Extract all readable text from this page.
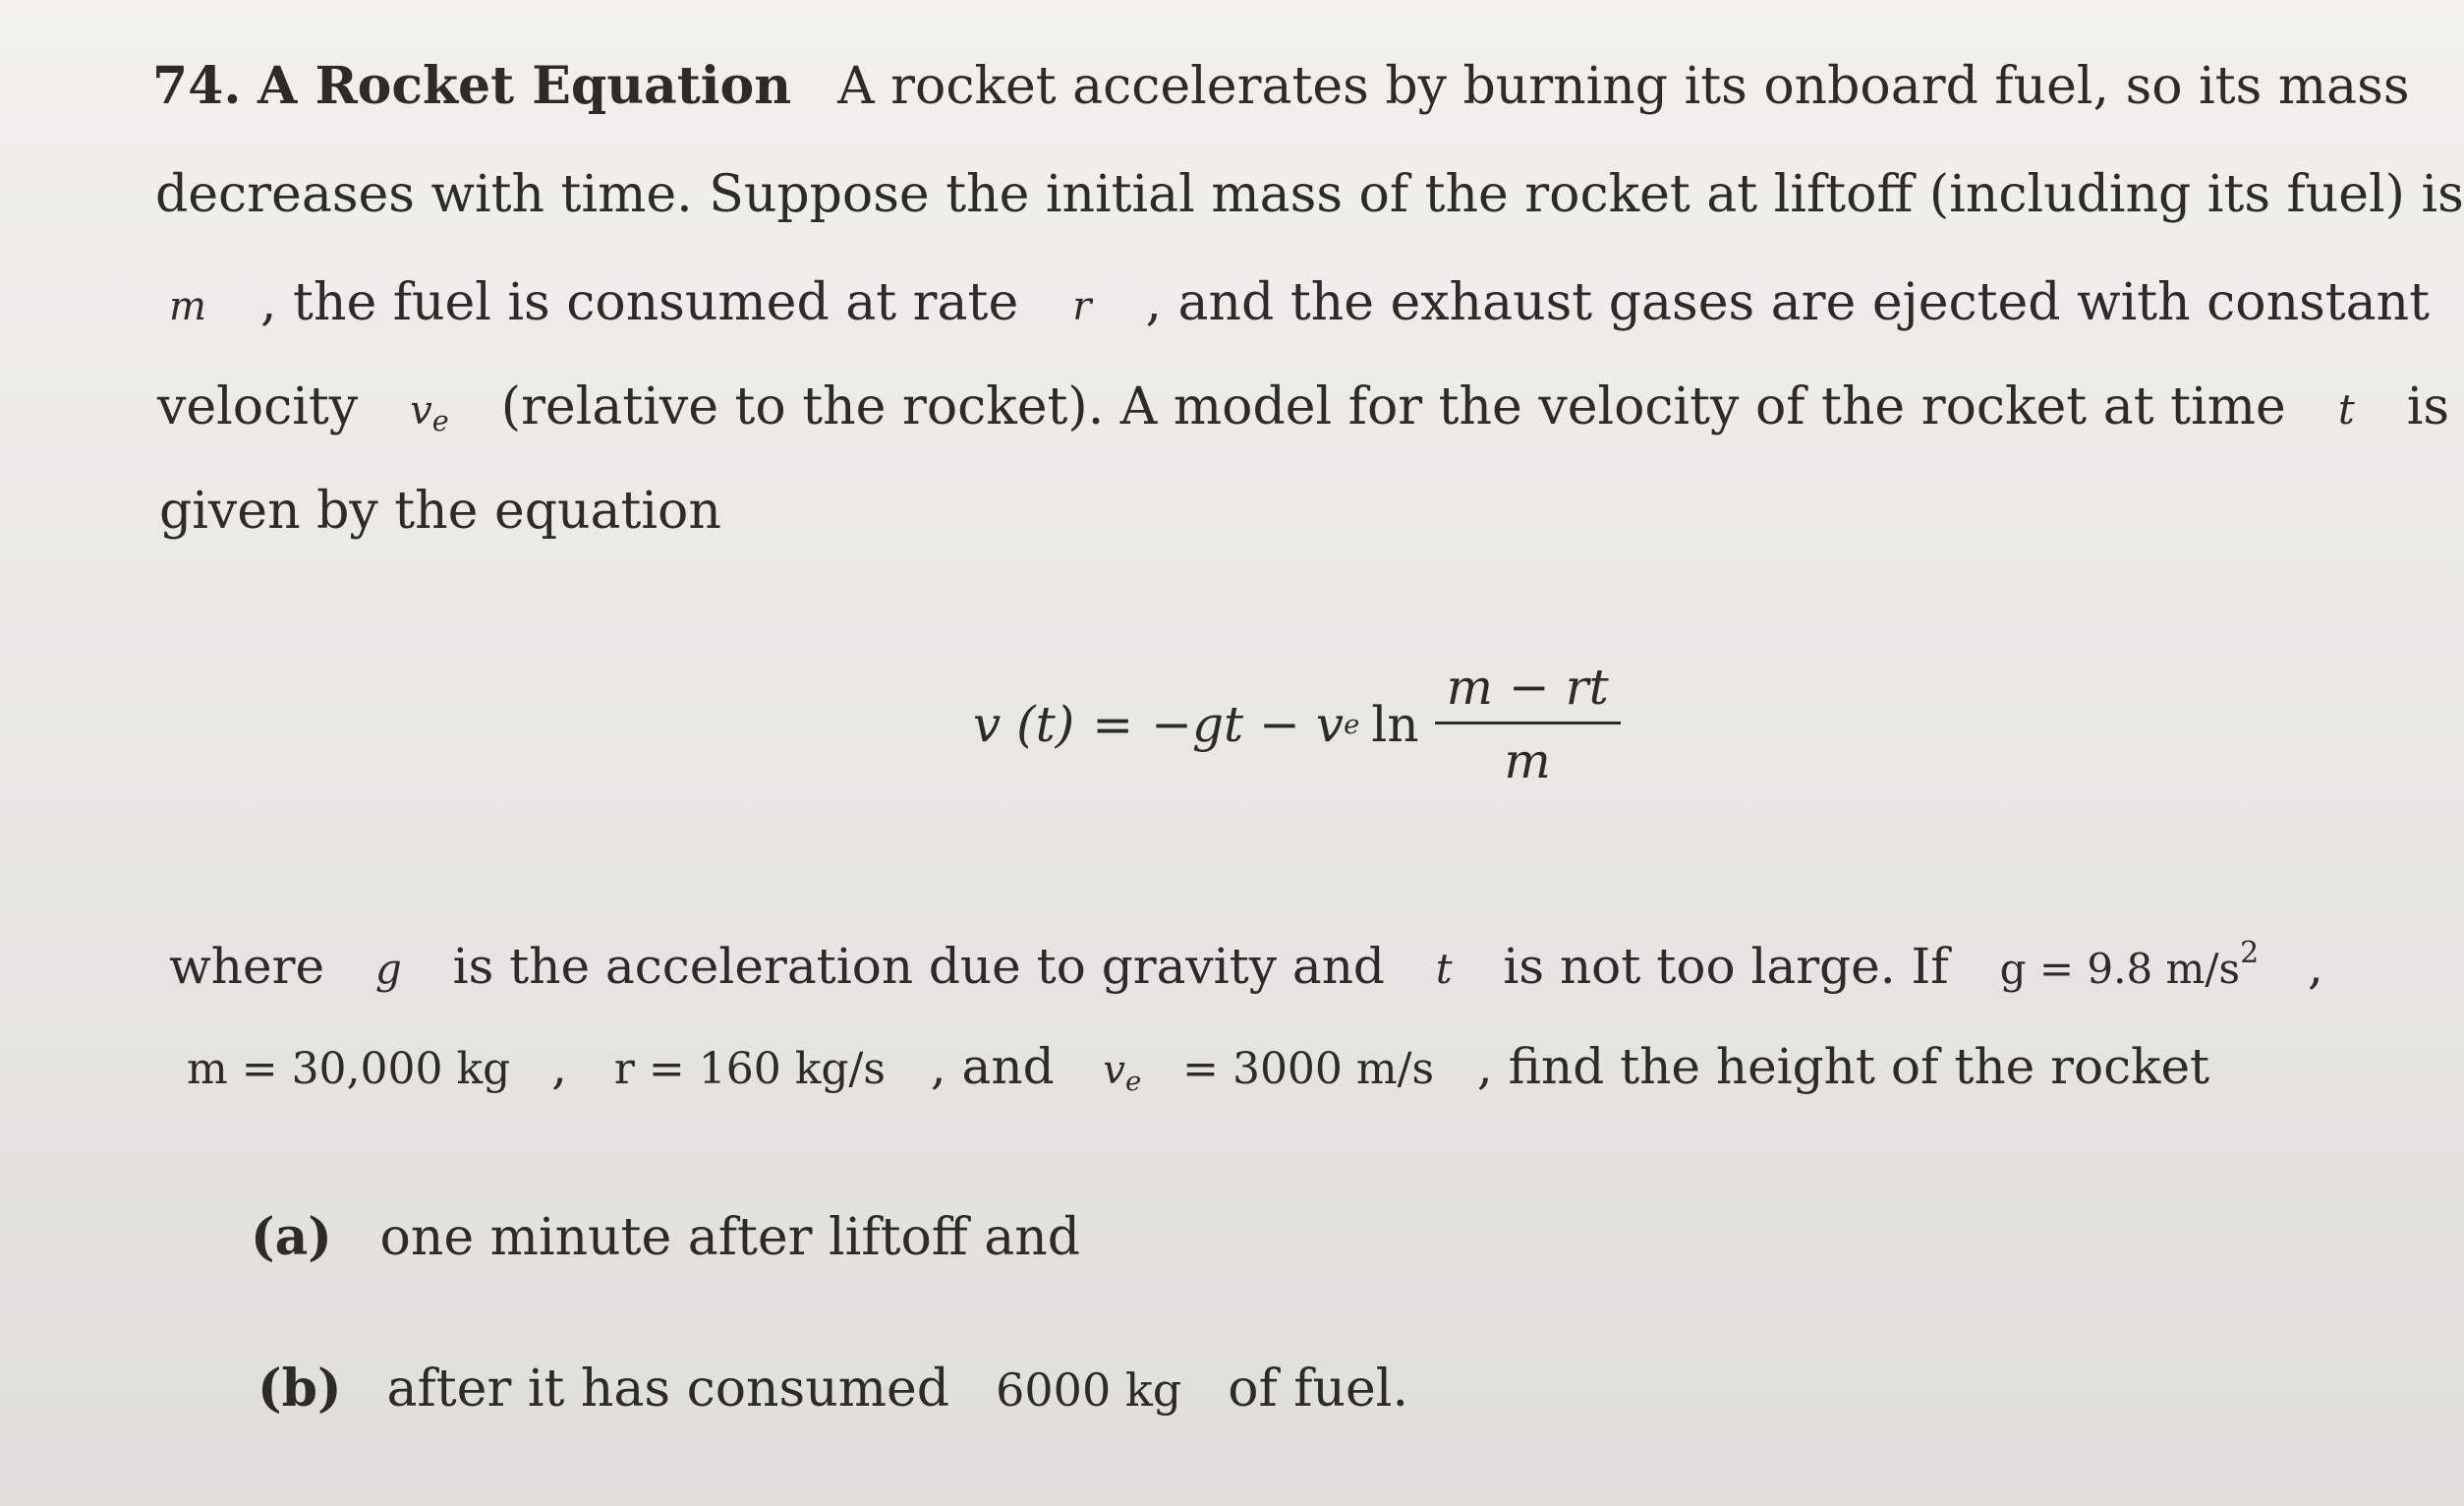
74. A Rocket Equation A rocket accelerates by burning its onboard fuel, so its mass
decreases with time. Suppose the initial mass of the rocket at liftoff (including its fuel) is
m , the fuel is consumed at rate r , and the exhaust gases are ejected with constant
velocity $v_e$ (relative to the rocket). A model for the velocity of the rocket at time t is
given by the equation
v (t) = −gt − v e $\ln \frac{m - rt}{m}$
where g is the acceleration due to gravity and t is not too large. If g = 9.8 $m/s^2$ ,
m = 30,000 kg , r = 160 kg/s , and $v_e = 3000$ m/s , find the height of the rocket
(a) one minute after liftoff and
(b) after it has consumed 6000 kg of fuel.
